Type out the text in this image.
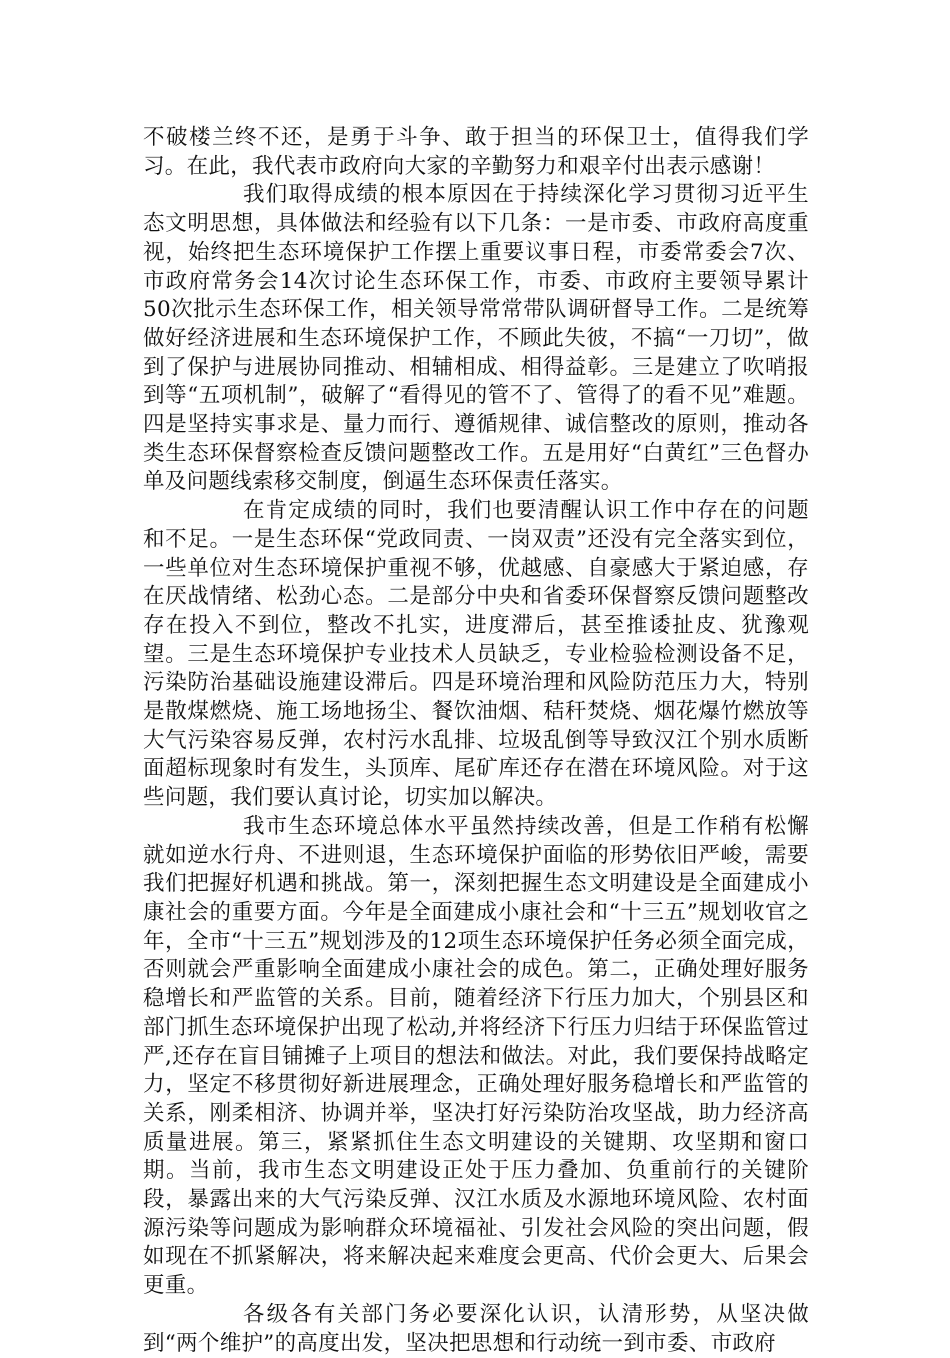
不破楼兰终不还，是勇于斗争、敢于担当的环保卫士，值得我们学习。在此，我代表市政府向大家的辛勤努力和艰辛付出表示感谢！

我们取得成绩的根本原因在于持续深化学习贯彻习近平生态文明思想，具体做法和经验有以下几条：一是市委、市政府高度重视，始终把生态环境保护工作摆上重要议事日程，市委常委会7次、市政府常务会14次讨论生态环保工作，市委、市政府主要领导累计50次批示生态环保工作，相关领导常常带队调研督导工作。二是统筹做好经济进展和生态环境保护工作，不顾此失彼，不搞“一刀切”，做到了保护与进展协同推动、相辅相成、相得益彰。三是建立了吹哨报到等“五项机制”，破解了“看得见的管不了、管得了的看不见”难题。四是坚持实事求是、量力而行、遵循规律、诚信整改的原则，推动各类生态环保督察检查反馈问题整改工作。五是用好“白黄红”三色督办单及问题线索移交制度，倒逼生态环保责任落实。

在肯定成绩的同时，我们也要清醒认识工作中存在的问题和不足。一是生态环保“党政同责、一岗双责”还没有完全落实到位，一些单位对生态环境保护重视不够，优越感、自豪感大于紧迫感，存在厌战情绪、松劲心态。二是部分中央和省委环保督察反馈问题整改存在投入不到位，整改不扎实，进度滞后，甚至推诿扯皮、犹豫观望。三是生态环境保护专业技术人员缺乏，专业检验检测设备不足，污染防治基础设施建设滞后。四是环境治理和风险防范压力大，特别是散煤燃烧、施工场地扬尘、餐饮油烟、秸秆焚烧、烟花爆竹燃放等大气污染容易反弹，农村污水乱排、垃圾乱倒等导致汉江个别水质断面超标现象时有发生，头顶库、尾矿库还存在潜在环境风险。对于这些问题，我们要认真讨论，切实加以解决。

我市生态环境总体水平虽然持续改善，但是工作稍有松懈就如逆水行舟、不进则退，生态环境保护面临的形势依旧严峻，需要我们把握好机遇和挑战。第一，深刻把握生态文明建设是全面建成小康社会的重要方面。今年是全面建成小康社会和“十三五”规划收官之年，全市“十三五”规划涉及的12项生态环境保护任务必须全面完成，否则就会严重影响全面建成小康社会的成色。第二，正确处理好服务稳增长和严监管的关系。目前，随着经济下行压力加大，个别县区和部门抓生态环境保护出现了松动,并将经济下行压力归结于环保监管过严,还存在盲目铺摊子上项目的想法和做法。对此，我们要保持战略定力，坚定不移贯彻好新进展理念，正确处理好服务稳增长和严监管的关系，刚柔相济、协调并举，坚决打好污染防治攻坚战，助力经济高质量进展。第三，紧紧抓住生态文明建设的关键期、攻坚期和窗口期。当前，我市生态文明建设正处于压力叠加、负重前行的关键阶段，暴露出来的大气污染反弹、汉江水质及水源地环境风险、农村面源污染等问题成为影响群众环境福祉、引发社会风险的突出问题，假如现在不抓紧解决，将来解决起来难度会更高、代价会更大、后果会更重。

各级各有关部门务必要深化认识，认清形势，从坚决做到“两个维护”的高度出发，坚决把思想和行动统一到市委、市政府
